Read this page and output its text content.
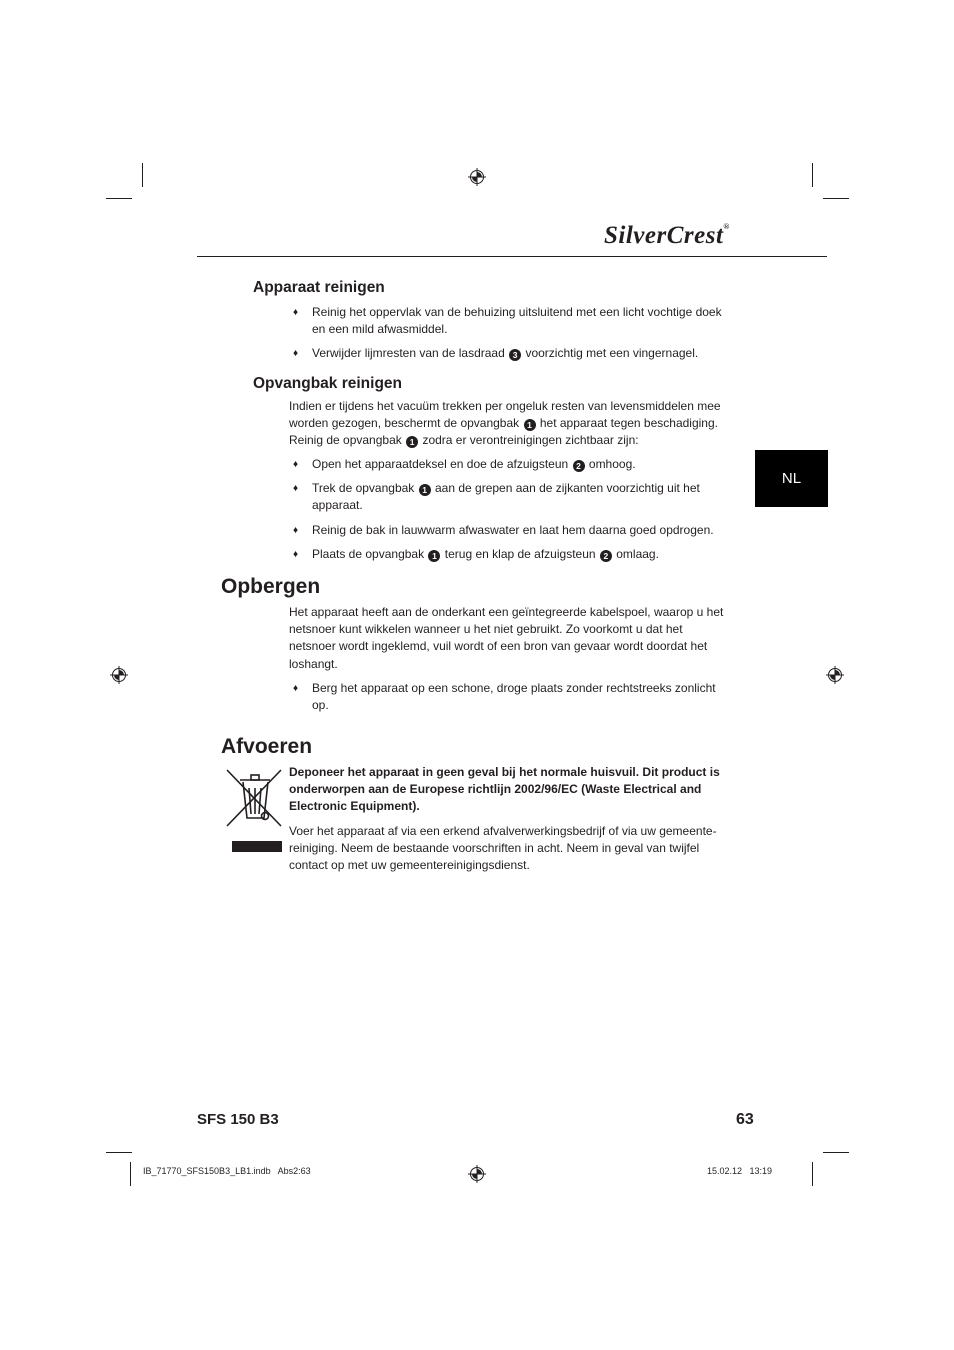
SilverCrest®
NL
Apparaat reinigen
♦ Reinig het oppervlak van de behuizing uitsluitend met een licht vochtige doek en een mild afwasmiddel.
♦ Verwijder lijmresten van de lasdraad 3 voorzichtig met een vingernagel.
Opvangbak reinigen
Indien er tijdens het vacuüm trekken per ongeluk resten van levensmiddelen mee worden gezogen, beschermt de opvangbak 1 het apparaat tegen beschadiging. Reinig de opvangbak 1 zodra er verontreinigingen zichtbaar zijn:
♦ Open het apparaatdeksel en doe de afzuigsteun 2 omhoog.
♦ Trek de opvangbak 1 aan de grepen aan de zijkanten voorzichtig uit het apparaat.
♦ Reinig de bak in lauwwarm afwaswater en laat hem daarna goed opdrogen.
♦ Plaats de opvangbak 1 terug en klap de afzuigsteun 2 omlaag.
Opbergen
Het apparaat heeft aan de onderkant een geïntegreerde kabelspoel, waarop u het netsnoer kunt wikkelen wanneer u het niet gebruikt. Zo voorkomt u dat het netsnoer wordt ingeklemd, vuil wordt of een bron van gevaar wordt doordat het loshangt.
♦ Berg het apparaat op een schone, droge plaats zonder rechtstreeks zonlicht op.
Afvoeren
Deponeer het apparaat in geen geval bij het normale huisvuil. Dit product is onderworpen aan de Europese richtlijn 2002/96/EC (Waste Electrical and Electronic Equipment).
Voer het apparaat af via een erkend afvalverwerkingsbedrijf of via uw gemeente-reiniging. Neem de bestaande voorschriften in acht. Neem in geval van twijfel contact op met uw gemeentereinigingsdienst.
SFS 150 B3	63
IB_71770_SFS150B3_LB1.indb   Abs2:63	15.02.12   13:19
